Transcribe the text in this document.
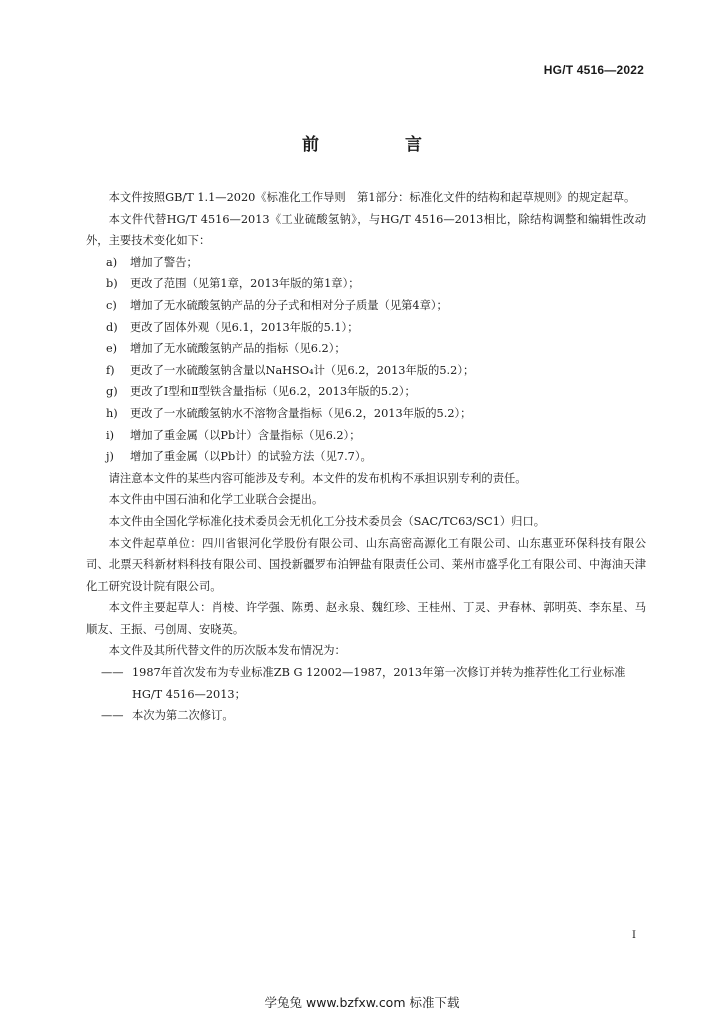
HG/T 4516—2022
前 言

本文件按照GB/T 1.1—2020《标准化工作导则　第1部分：标准化文件的结构和起草规则》的规定起草。

本文件代替HG/T 4516—2013《工业硫酸氢钠》，与HG/T 4516—2013相比，除结构调整和编辑性改动外，主要技术变化如下：

a)	增加了警告；
b)	更改了范围（见第1章，2013年版的第1章）；
c)	增加了无水硫酸氢钠产品的分子式和相对分子质量（见第4章）；
d)	更改了固体外观（见6.1，2013年版的5.1）；
e)	增加了无水硫酸氢钠产品的指标（见6.2）；
f)	更改了一水硫酸氢钠含量以NaHSO₄计（见6.2，2013年版的5.2）；
g)	更改了Ⅰ型和Ⅱ型铁含量指标（见6.2，2013年版的5.2）；
h)	更改了一水硫酸氢钠水不溶物含量指标（见6.2，2013年版的5.2）；
i)	增加了重金属（以Pb计）含量指标（见6.2）；
j)	增加了重金属（以Pb计）的试验方法（见7.7）。

请注意本文件的某些内容可能涉及专利。本文件的发布机构不承担识别专利的责任。

本文件由中国石油和化学工业联合会提出。

本文件由全国化学标准化技术委员会无机化工分技术委员会（SAC/TC63/SC1）归口。

本文件起草单位：四川省银河化学股份有限公司、山东高密高源化工有限公司、山东惠亚环保科技有限公司、北票天科新材料科技有限公司、国投新疆罗布泊钾盐有限责任公司、莱州市盛孚化工有限公司、中海油天津化工研究设计院有限公司。

本文件主要起草人：肖棱、许学强、陈勇、赵永泉、魏红珍、王桂州、丁灵、尹春林、郭明英、李东星、马顺友、王振、弓创周、安晓英。

本文件及其所代替文件的历次版本发布情况为：

—— 1987年首次发布为专业标准ZB G 12002—1987，2013年第一次修订并转为推荐性化工行业标准HG/T 4516—2013；
—— 本次为第二次修订。
I
学兔兔 www.bzfxw.com 标准下载
